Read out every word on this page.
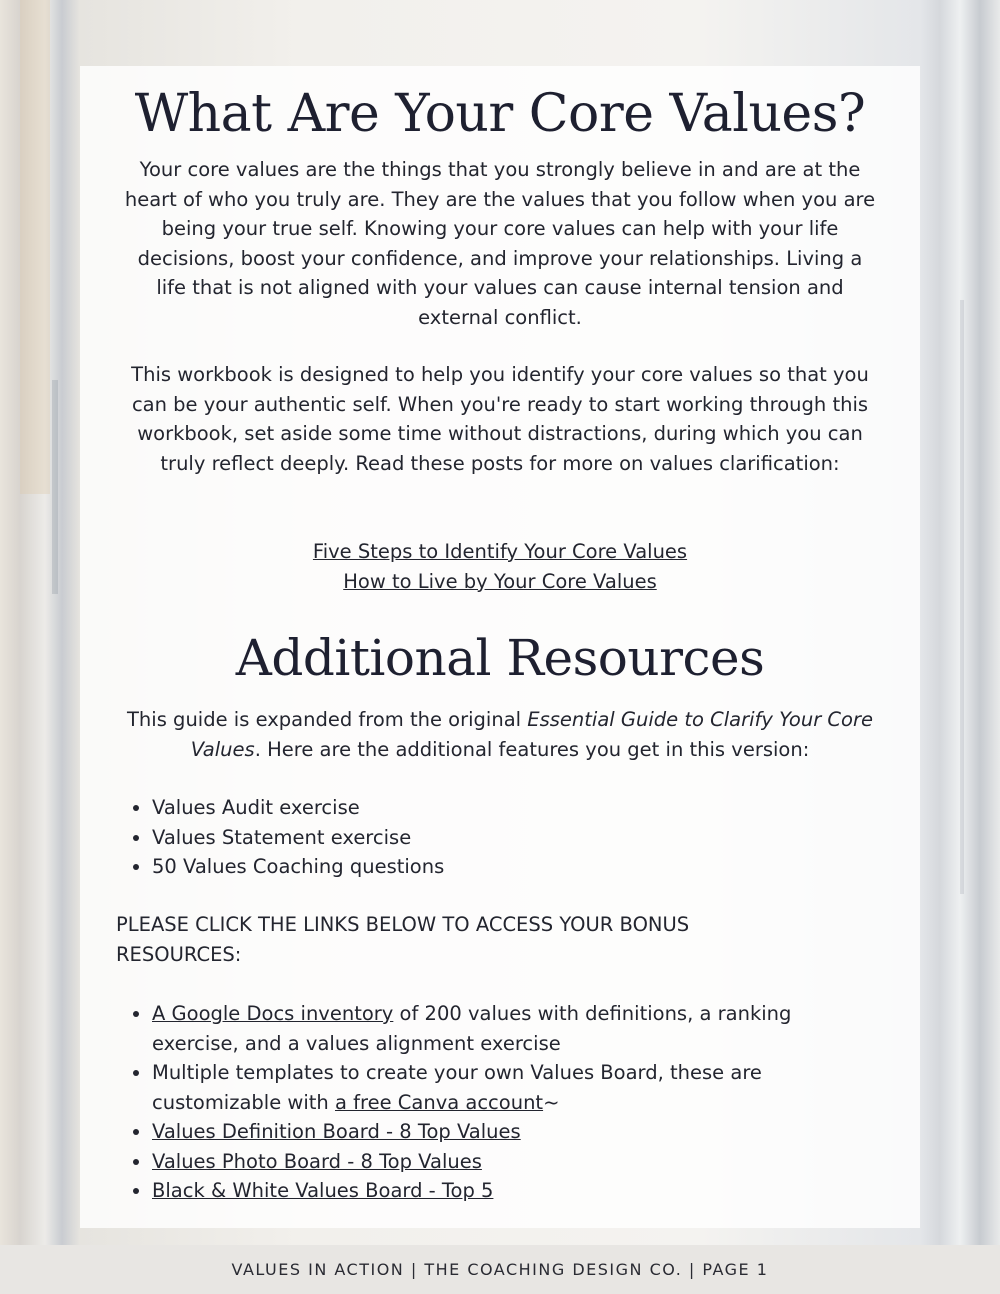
What Are Your Core Values?

Your core values are the things that you strongly believe in and are at the heart of who you truly are. They are the values that you follow when you are being your true self. Knowing your core values can help with your life decisions, boost your confidence, and improve your relationships. Living a life that is not aligned with your values can cause internal tension and external conflict.

This workbook is designed to help you identify your core values so that you can be your authentic self. When you're ready to start working through this workbook, set aside some time without distractions, during which you can truly reflect deeply. Read these posts for more on values clarification:

Five Steps to Identify Your Core Values
How to Live by Your Core Values

Additional Resources

This guide is expanded from the original Essential Guide to Clarify Your Core Values. Here are the additional features you get in this version:

• Values Audit exercise
• Values Statement exercise
• 50 Values Coaching questions

PLEASE CLICK THE LINKS BELOW TO ACCESS YOUR BONUS RESOURCES:

• A Google Docs inventory of 200 values with definitions, a ranking exercise, and a values alignment exercise
• Multiple templates to create your own Values Board, these are customizable with a free Canva account~
• Values Definition Board - 8 Top Values
• Values Photo Board - 8 Top Values
• Black & White Values Board - Top 5
VALUES IN ACTION | THE COACHING DESIGN CO. | PAGE 1
